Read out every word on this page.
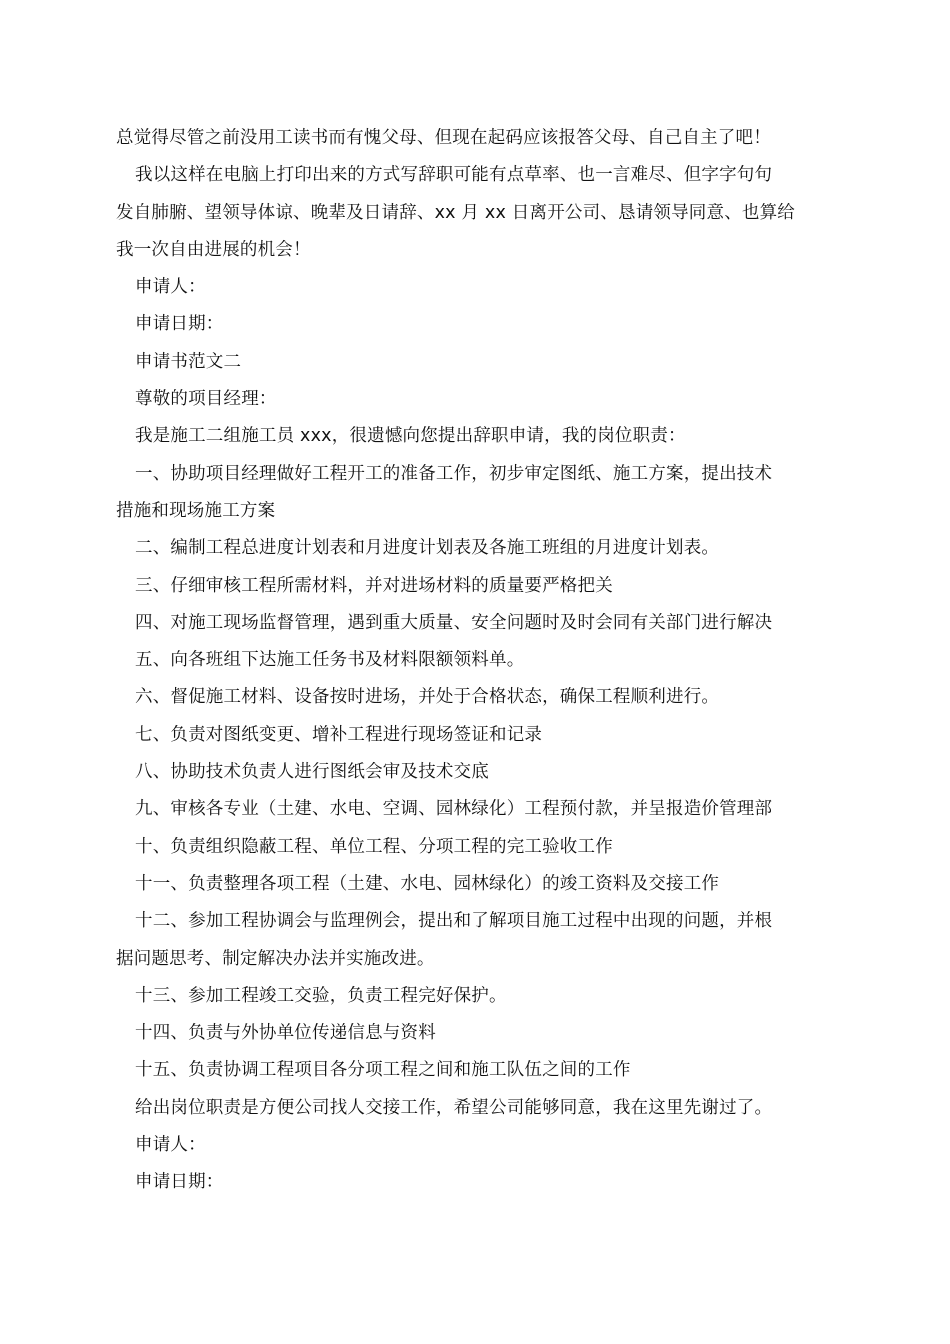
总觉得尽管之前没用工读书而有愧父母、但现在起码应该报答父母、自己自主了吧！
我以这样在电脑上打印出来的方式写辞职可能有点草率、也一言难尽、但字字句句
发自肺腑、望领导体谅、晚辈及日请辞、xx 月 xx 日离开公司、恳请领导同意、也算给
我一次自由进展的机会！
申请人：
申请日期：
申请书范文二
尊敬的项目经理：
我是施工二组施工员 xxx，很遗憾向您提出辞职申请，我的岗位职责：
一、协助项目经理做好工程开工的准备工作，初步审定图纸、施工方案，提出技术
措施和现场施工方案
二、编制工程总进度计划表和月进度计划表及各施工班组的月进度计划表。
三、仔细审核工程所需材料，并对进场材料的质量要严格把关
四、对施工现场监督管理，遇到重大质量、安全问题时及时会同有关部门进行解决
五、向各班组下达施工任务书及材料限额领料单。
六、督促施工材料、设备按时进场，并处于合格状态，确保工程顺利进行。
七、负责对图纸变更、增补工程进行现场签证和记录
八、协助技术负责人进行图纸会审及技术交底
九、审核各专业（土建、水电、空调、园林绿化）工程预付款，并呈报造价管理部
十、负责组织隐蔽工程、单位工程、分项工程的完工验收工作
十一、负责整理各项工程（土建、水电、园林绿化）的竣工资料及交接工作
十二、参加工程协调会与监理例会，提出和了解项目施工过程中出现的问题，并根
据问题思考、制定解决办法并实施改进。
十三、参加工程竣工交验，负责工程完好保护。
十四、负责与外协单位传递信息与资料
十五、负责协调工程项目各分项工程之间和施工队伍之间的工作
给出岗位职责是方便公司找人交接工作，希望公司能够同意，我在这里先谢过了。
申请人：
申请日期：
